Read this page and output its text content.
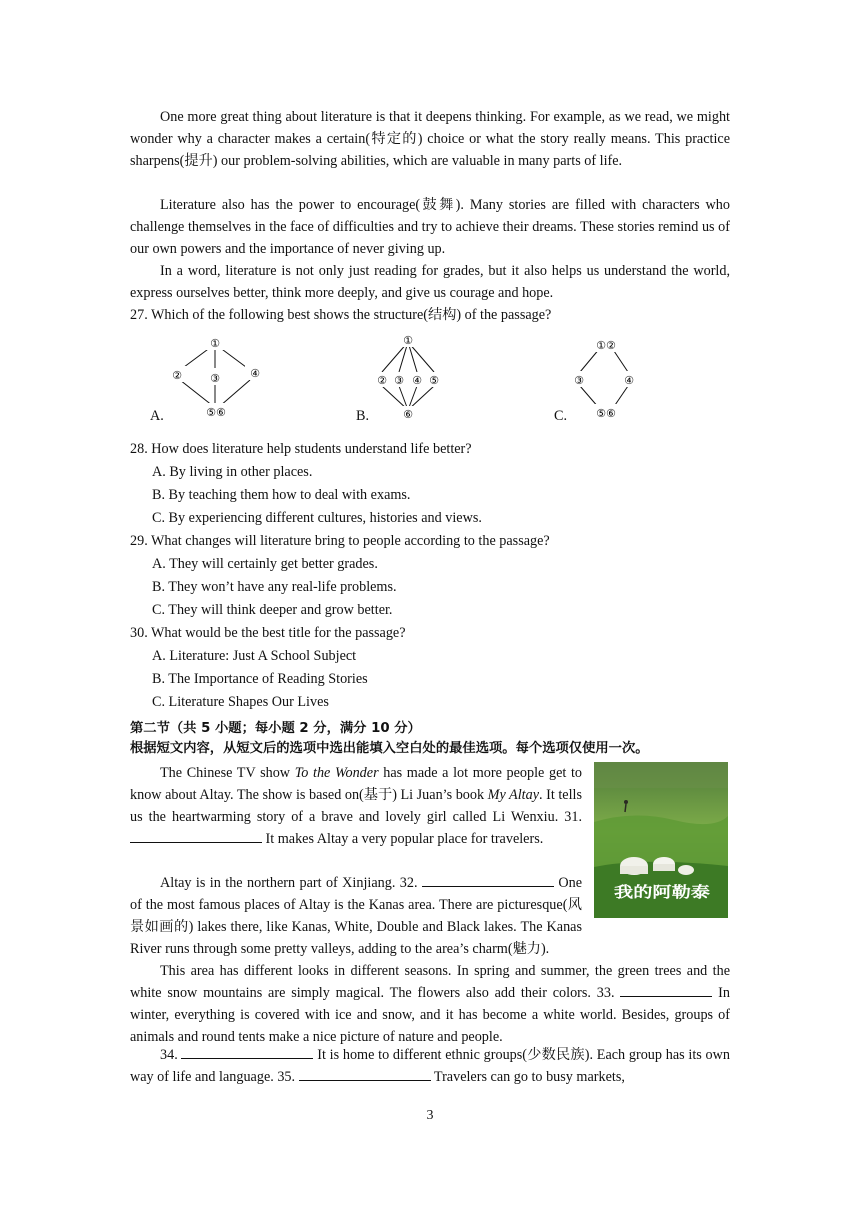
One more great thing about literature is that it deepens thinking. For example, as we read, we might wonder why a character makes a certain(特定的) choice or what the story really means. This practice sharpens(提升) our problem-solving abilities, which are valuable in many parts of life.

Literature also has the power to encourage(鼓舞). Many stories are filled with characters who challenge themselves in the face of difficulties and try to achieve their dreams. These stories remind us of our own powers and the importance of never giving up.

In a word, literature is not only just reading for grades, but it also helps us understand the world, express ourselves better, think more deeply, and give us courage and hope.

27. Which of the following best shows the structure(结构) of the passage?

①
②	③	④
⑤⑥
A.
①
② ③ ④ ⑤
⑥
B.
①②
③	④
⑤⑥
C.

28. How does literature help students understand life better?

A. By living in other places.

B. By teaching them how to deal with exams.

C. By experiencing different cultures, histories and views.

29. What changes will literature bring to people according to the passage?

A. They will certainly get better grades.

B. They won’t have any real-life problems.

C. They will think deeper and grow better.

30. What would be the best title for the passage?

A. Literature: Just A School Subject

B. The Importance of Reading Stories

C. Literature Shapes Our Lives

第二节（共 5 小题；每小题 2 分，满分 10 分）

根据短文内容，从短文后的选项中选出能填入空白处的最佳选项。每个选项仅使用一次。

我的阿勒泰

The Chinese TV show To the Wonder has made a lot more people get to know about Altay. The show is based on(基于) Li Juan’s book My Altay. It tells us the heartwarming story of a brave and lovely girl called Li Wenxiu. 31.  It makes Altay a very popular place for travelers.

Altay is in the northern part of Xinjiang. 32.	One of the most famous places of Altay is the Kanas area. There are picturesque(风景如画的) lakes there, like Kanas, White, Double and Black lakes. The Kanas River runs through some pretty valleys, adding to the area’s charm(魅力).

This area has different looks in different seasons. In spring and summer, the green trees and the white snow mountains are simply magical. The flowers also add their colors. 33.	In winter, everything is covered with ice and snow, and it has become a white world. Besides, groups of animals and round tents make a nice picture of nature and people.

34.	It is home to different ethnic groups(少数民族). Each group has its own way of life and language. 35.	Travelers can go to busy markets,

3
